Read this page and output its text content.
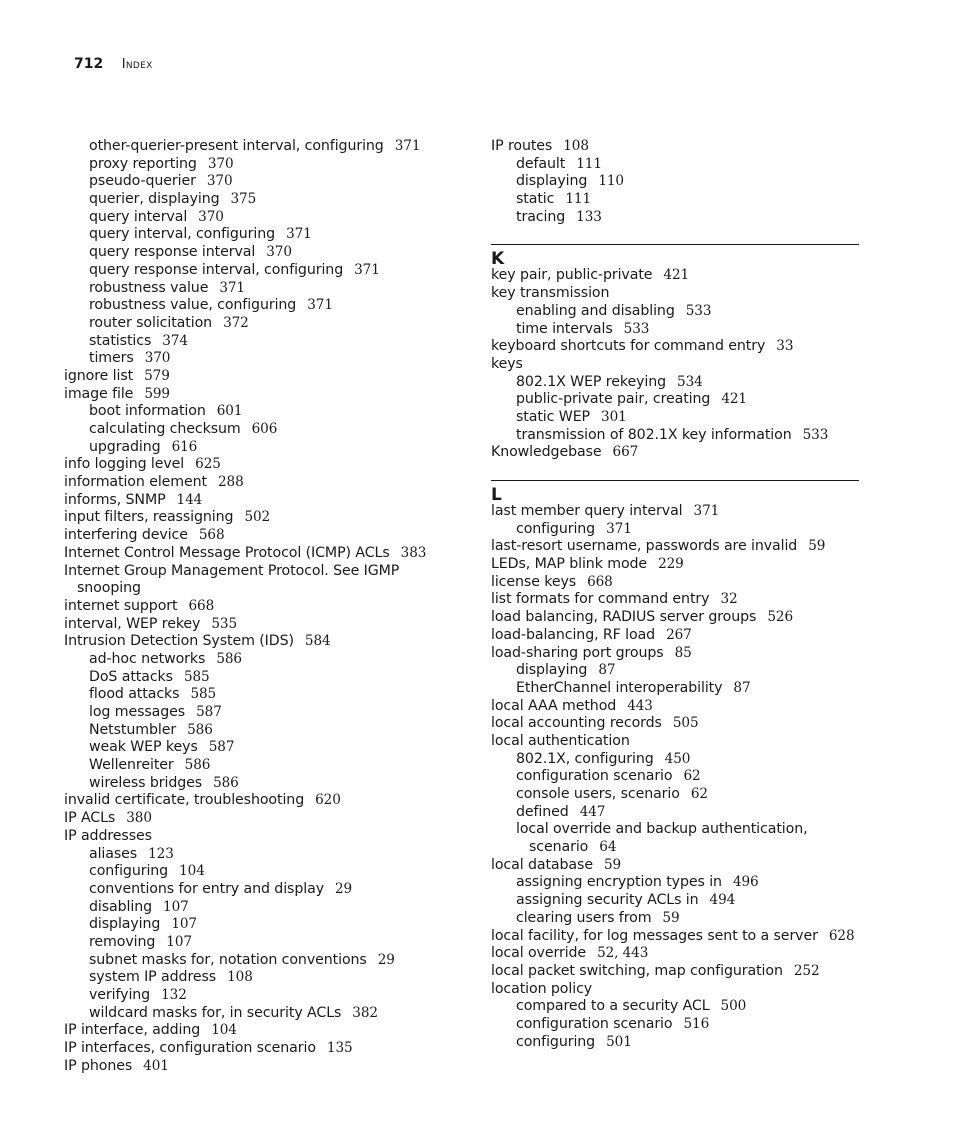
712 Index
other-querier-present interval, configuring 371
proxy reporting 370
pseudo-querier 370
querier, displaying 375
query interval 370
query interval, configuring 371
query response interval 370
query response interval, configuring 371
robustness value 371
robustness value, configuring 371
router solicitation 372
statistics 374
timers 370
ignore list 579
image file 599
boot information 601
calculating checksum 606
upgrading 616
info logging level 625
information element 288
informs, SNMP 144
input filters, reassigning 502
interfering device 568
Internet Control Message Protocol (ICMP) ACLs 383
Internet Group Management Protocol. See IGMP
snooping
internet support 668
interval, WEP rekey 535
Intrusion Detection System (IDS) 584
ad-hoc networks 586
DoS attacks 585
flood attacks 585
log messages 587
Netstumbler 586
weak WEP keys 587
Wellenreiter 586
wireless bridges 586
invalid certificate, troubleshooting 620
IP ACLs 380
IP addresses
aliases 123
configuring 104
conventions for entry and display 29
disabling 107
displaying 107
removing 107
subnet masks for, notation conventions 29
system IP address 108
verifying 132
wildcard masks for, in security ACLs 382
IP interface, adding 104
IP interfaces, configuration scenario 135
IP phones 401
IP routes 108
default 111
displaying 110
static 111
tracing 133
K
key pair, public-private 421
key transmission
enabling and disabling 533
time intervals 533
keyboard shortcuts for command entry 33
keys
802.1X WEP rekeying 534
public-private pair, creating 421
static WEP 301
transmission of 802.1X key information 533
Knowledgebase 667
L
last member query interval 371
configuring 371
last-resort username, passwords are invalid 59
LEDs, MAP blink mode 229
license keys 668
list formats for command entry 32
load balancing, RADIUS server groups 526
load-balancing, RF load 267
load-sharing port groups 85
displaying 87
EtherChannel interoperability 87
local AAA method 443
local accounting records 505
local authentication
802.1X, configuring 450
configuration scenario 62
console users, scenario 62
defined 447
local override and backup authentication,
scenario 64
local database 59
assigning encryption types in 496
assigning security ACLs in 494
clearing users from 59
local facility, for log messages sent to a server 628
local override 52, 443
local packet switching, map configuration 252
location policy
compared to a security ACL 500
configuration scenario 516
configuring 501
